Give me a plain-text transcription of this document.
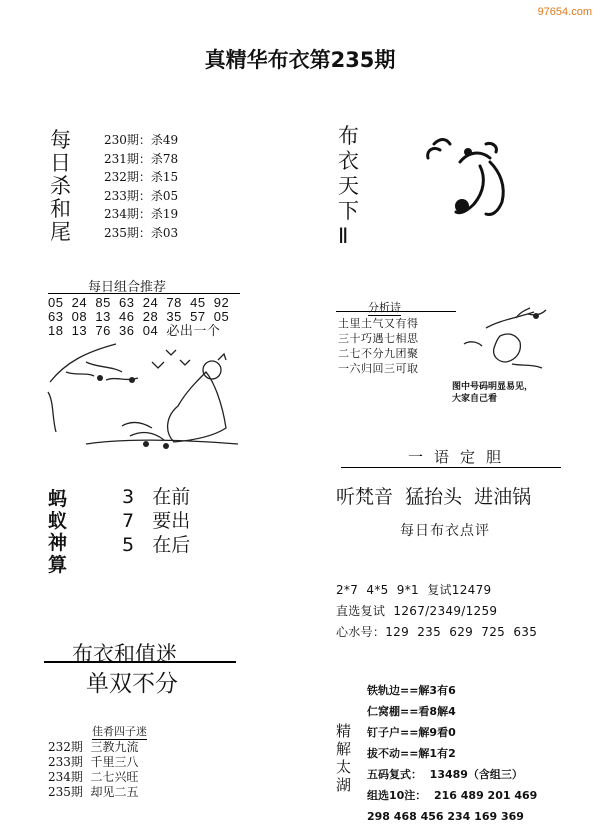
97654.com
真精华布衣第235期
每
日
杀
和
尾
230期：杀49
231期：杀78
232期：杀15
233期：杀05
234期：杀19
235期：杀03
每日组合推荐
05  24  85  63  24  78  45  92
63  08  13  46  28  35  57  05
18  13  76  36  04  必出一个
蚂
蚁
神
算
3   在前
7   要出
5   在后
布衣和值迷
单双不分
佳肴四子迷
232期  三教九流
233期  千里三八
234期  二七兴旺
235期  却见二五
布
衣
天
下
Ⅱ
分析诗
土里土气又有得
三十巧遇七相思
二七不分九团聚
一六归回三可取
图中号码明显易见，
大家自己看
一语定胆
听梵音  猛抬头  进油锅
每日布衣点评
2*7  4*5  9*1  复试12479
直选复试  1267/2349/1259
心水号：129  235  629  725  635
精
解
太
湖
铁轨边==解3有6
仁窝棚==看8解4
钉子户==解9看0
拔不动==解1有2
五码复式：  13489（含组三）
组选10注：  216 489 201 469
298 468 456 234 169 369
